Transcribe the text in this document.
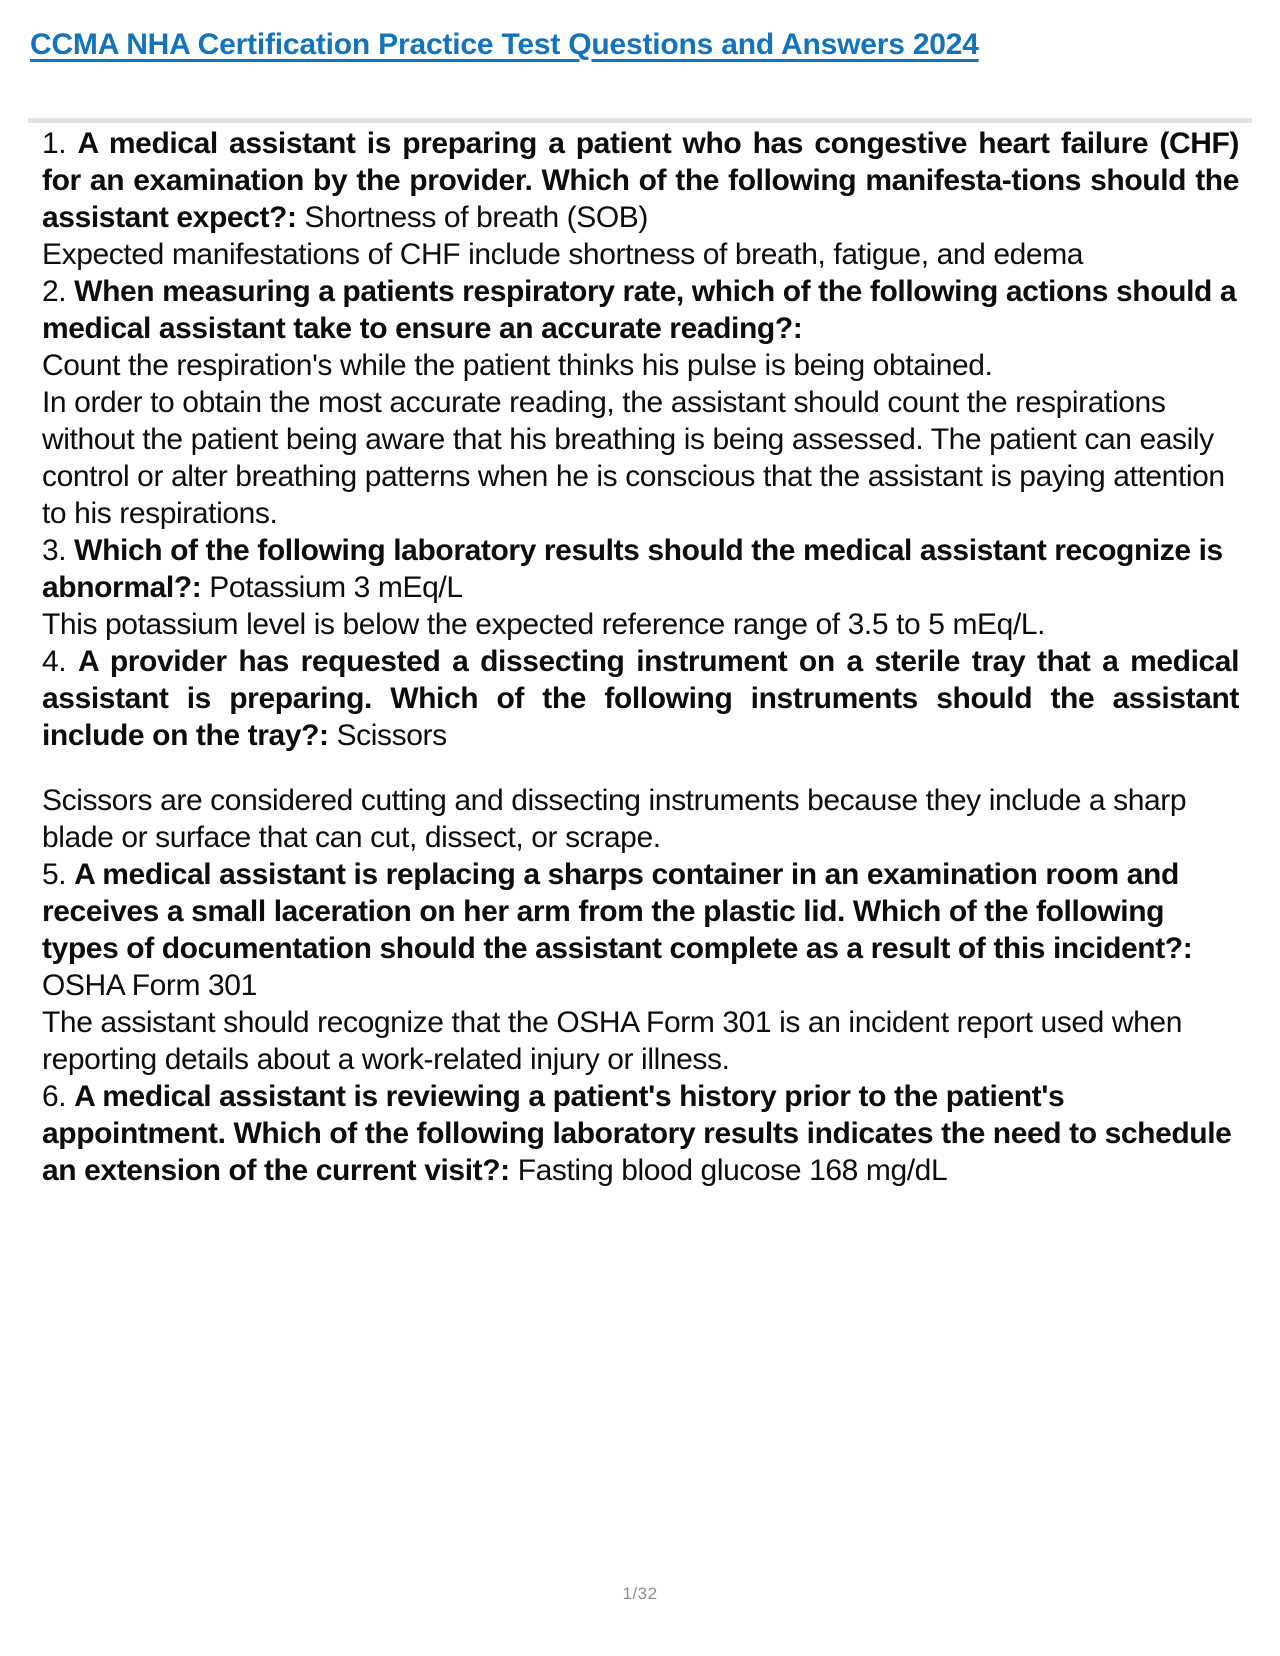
CCMA NHA Certification Practice Test Questions and Answers 2024

1. A medical assistant is preparing a patient who has congestive heart failure (CHF) for an examination by the provider. Which of the following manifesta-tions should the assistant expect?: Shortness of breath (SOB)

Expected manifestations of CHF include shortness of breath, fatigue, and edema

2. When measuring a patients respiratory rate, which of the following actions should a medical assistant take to ensure an accurate reading?:
Count the respiration's while the patient thinks his pulse is being obtained.

In order to obtain the most accurate reading, the assistant should count the respirations without the patient being aware that his breathing is being assessed. The patient can easily control or alter breathing patterns when he is conscious that the assistant is paying attention to his respirations.

3. Which of the following laboratory results should the medical assistant recognize is abnormal?: Potassium 3 mEq/L

This potassium level is below the expected reference range of 3.5 to 5 mEq/L.

4. A provider has requested a dissecting instrument on a sterile tray that a medical assistant is preparing. Which of the following instruments should the assistant include on the tray?: Scissors

Scissors are considered cutting and dissecting instruments because they include a sharp blade or surface that can cut, dissect, or scrape.

5. A medical assistant is replacing a sharps container in an examination room and receives a small laceration on her arm from the plastic lid. Which of the following types of documentation should the assistant complete as a result of this incident?: OSHA Form 301

The assistant should recognize that the OSHA Form 301 is an incident report used when reporting details about a work-related injury or illness.

6. A medical assistant is reviewing a patient's history prior to the patient's appointment. Which of the following laboratory results indicates the need to schedule an extension of the current visit?: Fasting blood glucose 168 mg/dL

1/32
